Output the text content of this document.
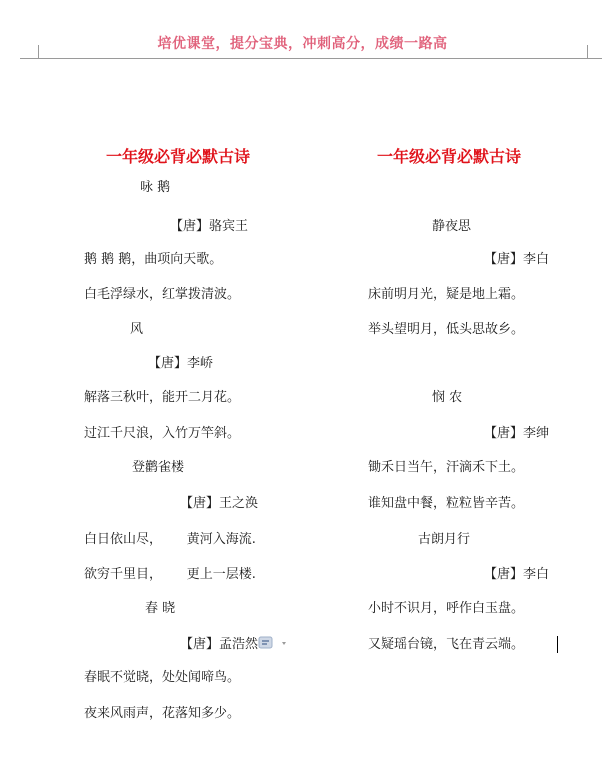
培优课堂，提分宝典，冲刺高分，成绩一路高
一年级必背必默古诗
咏 鹅
【唐】骆宾王
鹅 鹅 鹅，曲项向天歌。
白毛浮绿水，红掌拨清波。
风
【唐】李峤
解落三秋叶，能开二月花。
过江千尺浪，入竹万竿斜。
登鹳雀楼
【唐】王之涣
白日依山尽，      黄河入海流.
欲穷千里目，      更上一层楼.
春 晓
【唐】孟浩然
春眠不觉晓，处处闻啼鸟。
夜来风雨声，花落知多少。
一年级必背必默古诗
静夜思
【唐】李白
床前明月光，疑是地上霜。
举头望明月，低头思故乡。
悯 农
【唐】李绅
锄禾日当午，汗滴禾下土。
谁知盘中餐，粒粒皆辛苦。
古朗月行
【唐】李白
小时不识月，呼作白玉盘。
又疑瑶台镜，飞在青云端。
